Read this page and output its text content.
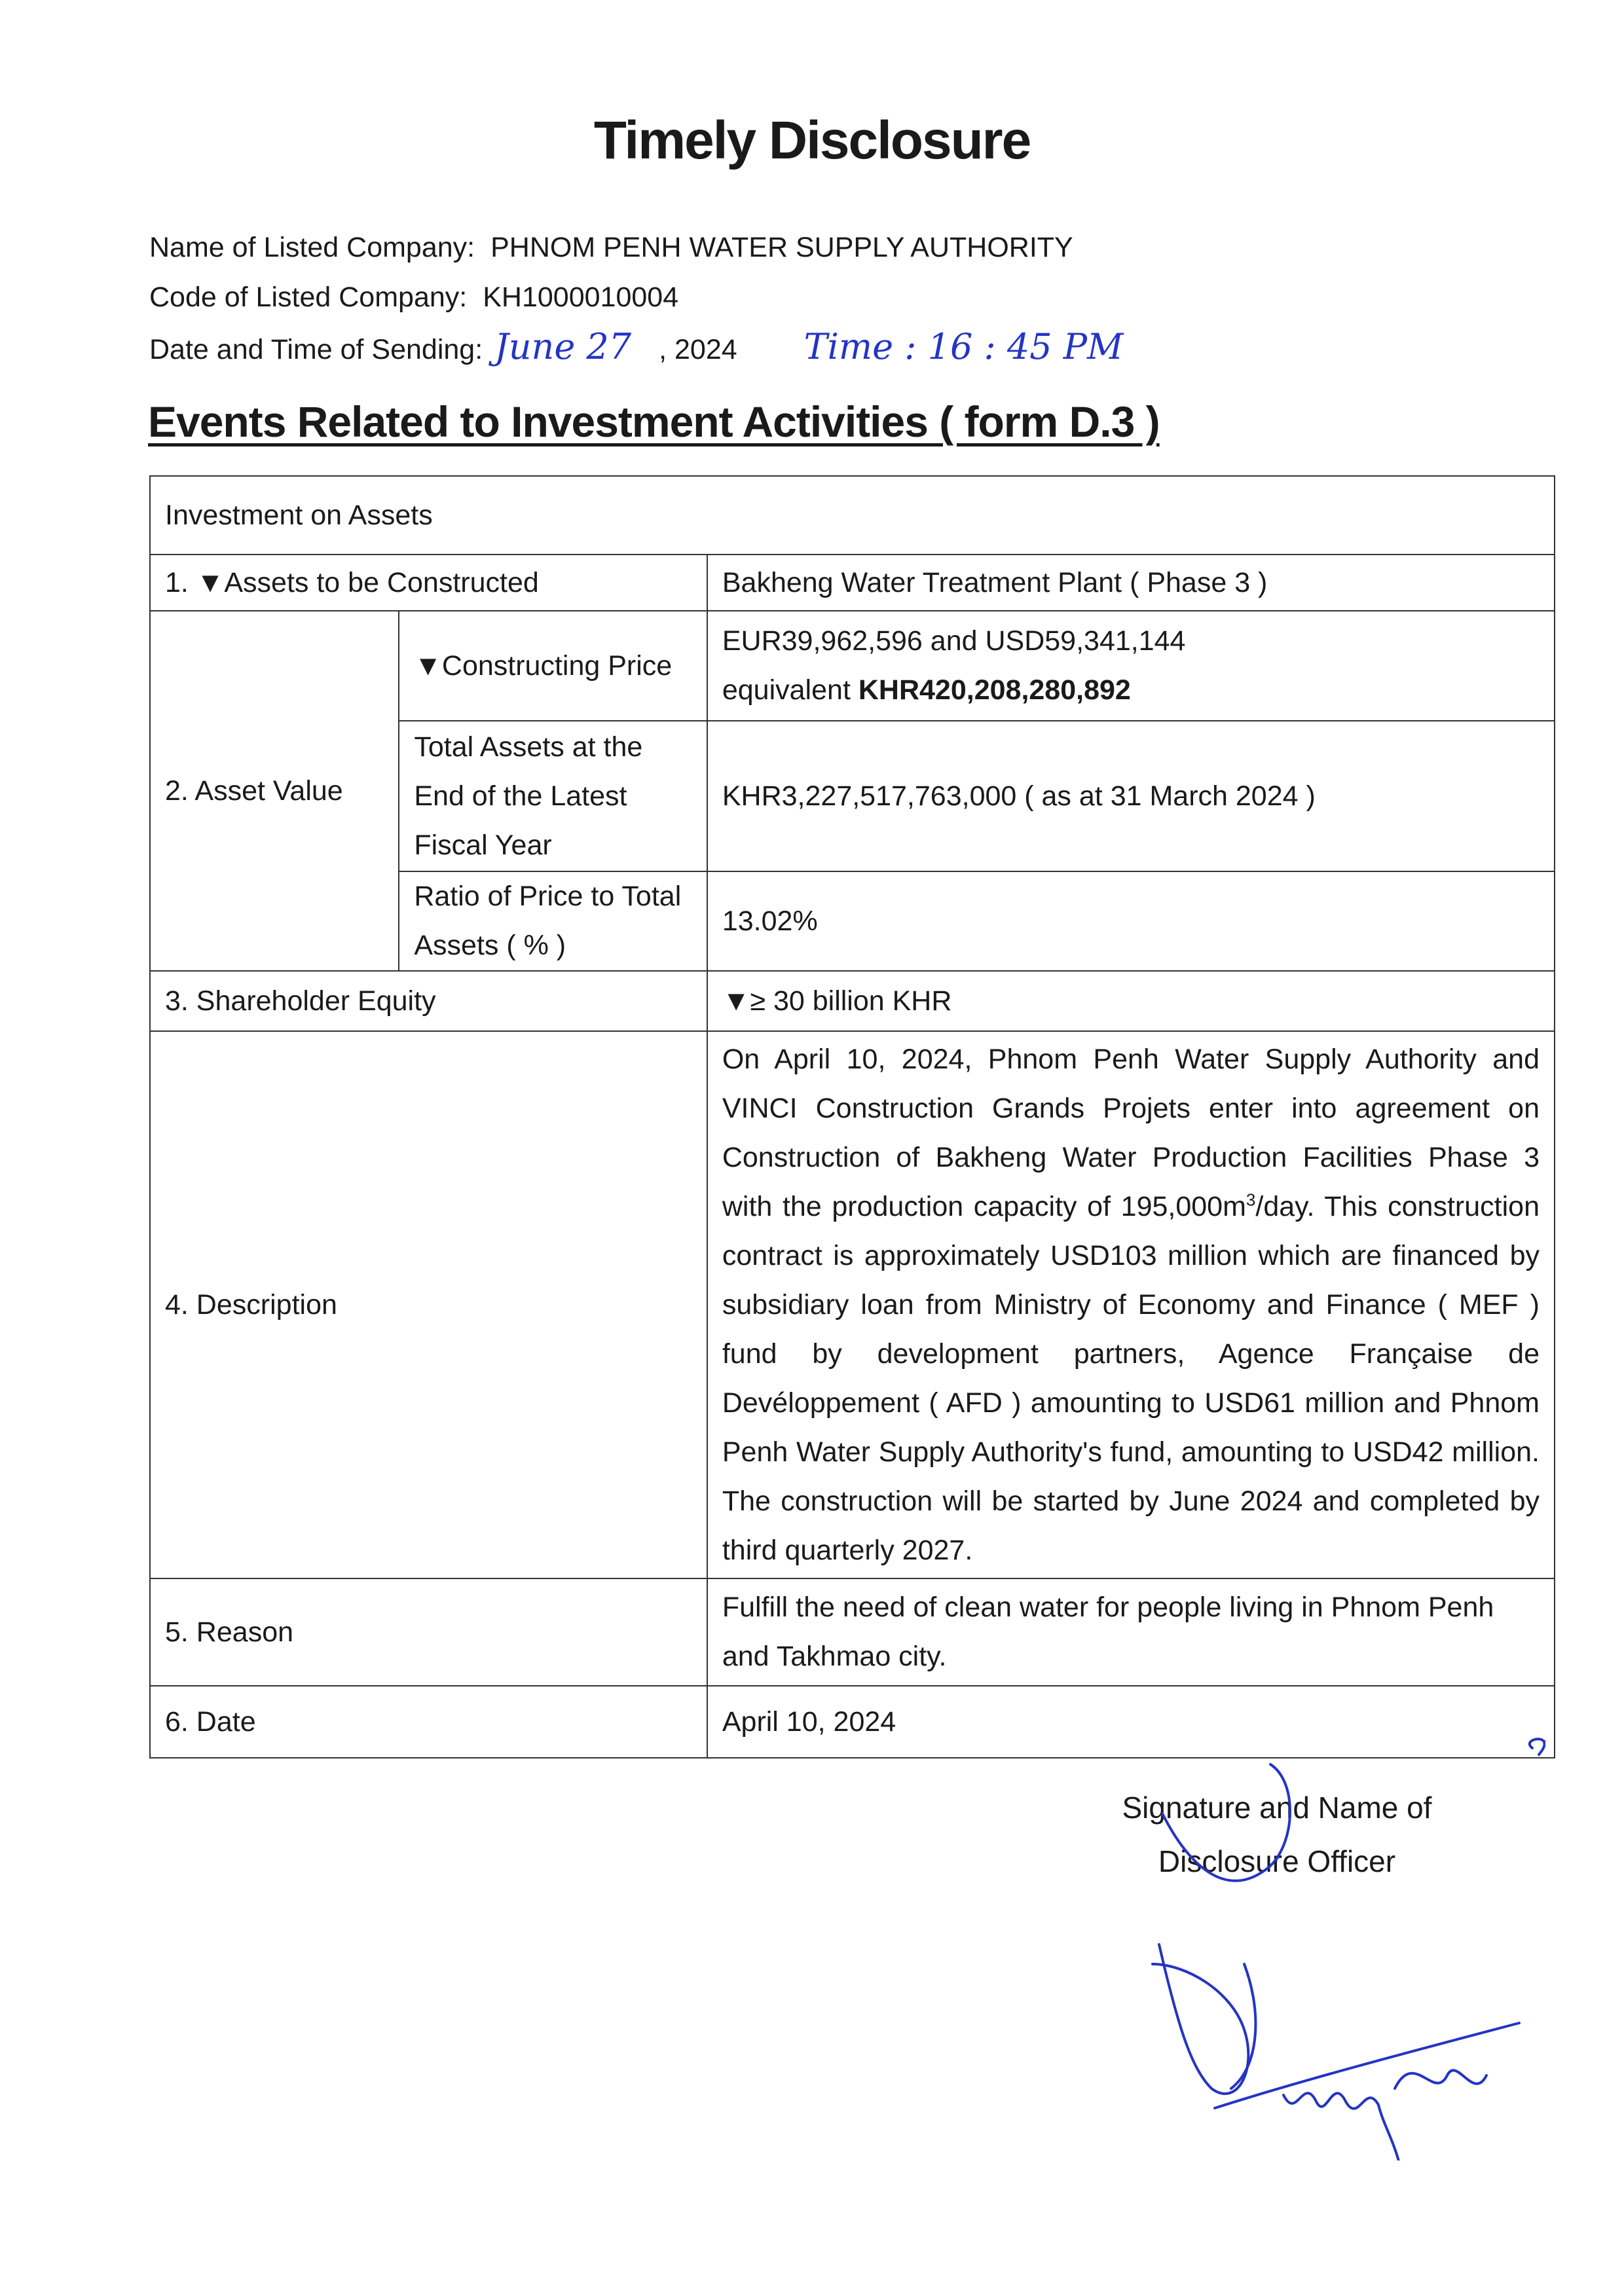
Timely Disclosure
Name of Listed Company: PHNOM PENH WATER SUPPLY AUTHORITY
Code of Listed Company: KH1000010004
Date and Time of Sending: June 27 , 2024 Time : 16 : 45 PM
Events Related to Investment Activities ( form D.3 )
Investment on Assets		
1. ▼Assets to be Constructed		Bakheng Water Treatment Plant ( Phase 3 )
2. Asset Value	▼Constructing Price	EUR39,962,596 and USD59,341,144
equivalent KHR420,208,280,892

	Total Assets at the End of the Latest Fiscal Year	KHR3,227,517,763,000 ( as at 31 March 2024 )
	Ratio of Price to Total Assets ( % )	13.02%
3. Shareholder Equity		▼≥ 30 billion KHR
4. Description		On April 10, 2024, Phnom Penh Water Supply Authority and VINCI Construction Grands Projets enter into agreement on Construction of Bakheng Water Production Facilities Phase 3 with the production capacity of $195,000m^3$/day. This construction contract is approximately USD103 million which are financed by subsidiary loan from Ministry of Economy and Finance ( MEF ) fund by development partners, Agence Française de Devéloppement ( AFD ) amounting to USD61 million and Phnom Penh Water Supply Authority's fund, amounting to USD42 million. The construction will be started by June 2024 and completed by third quarterly 2027.
5. Reason		Fulfill the need of clean water for people living in Phnom Penh and Takhmao city.
6. Date		April 10, 2024
Signature and Name of
Disclosure Officer
